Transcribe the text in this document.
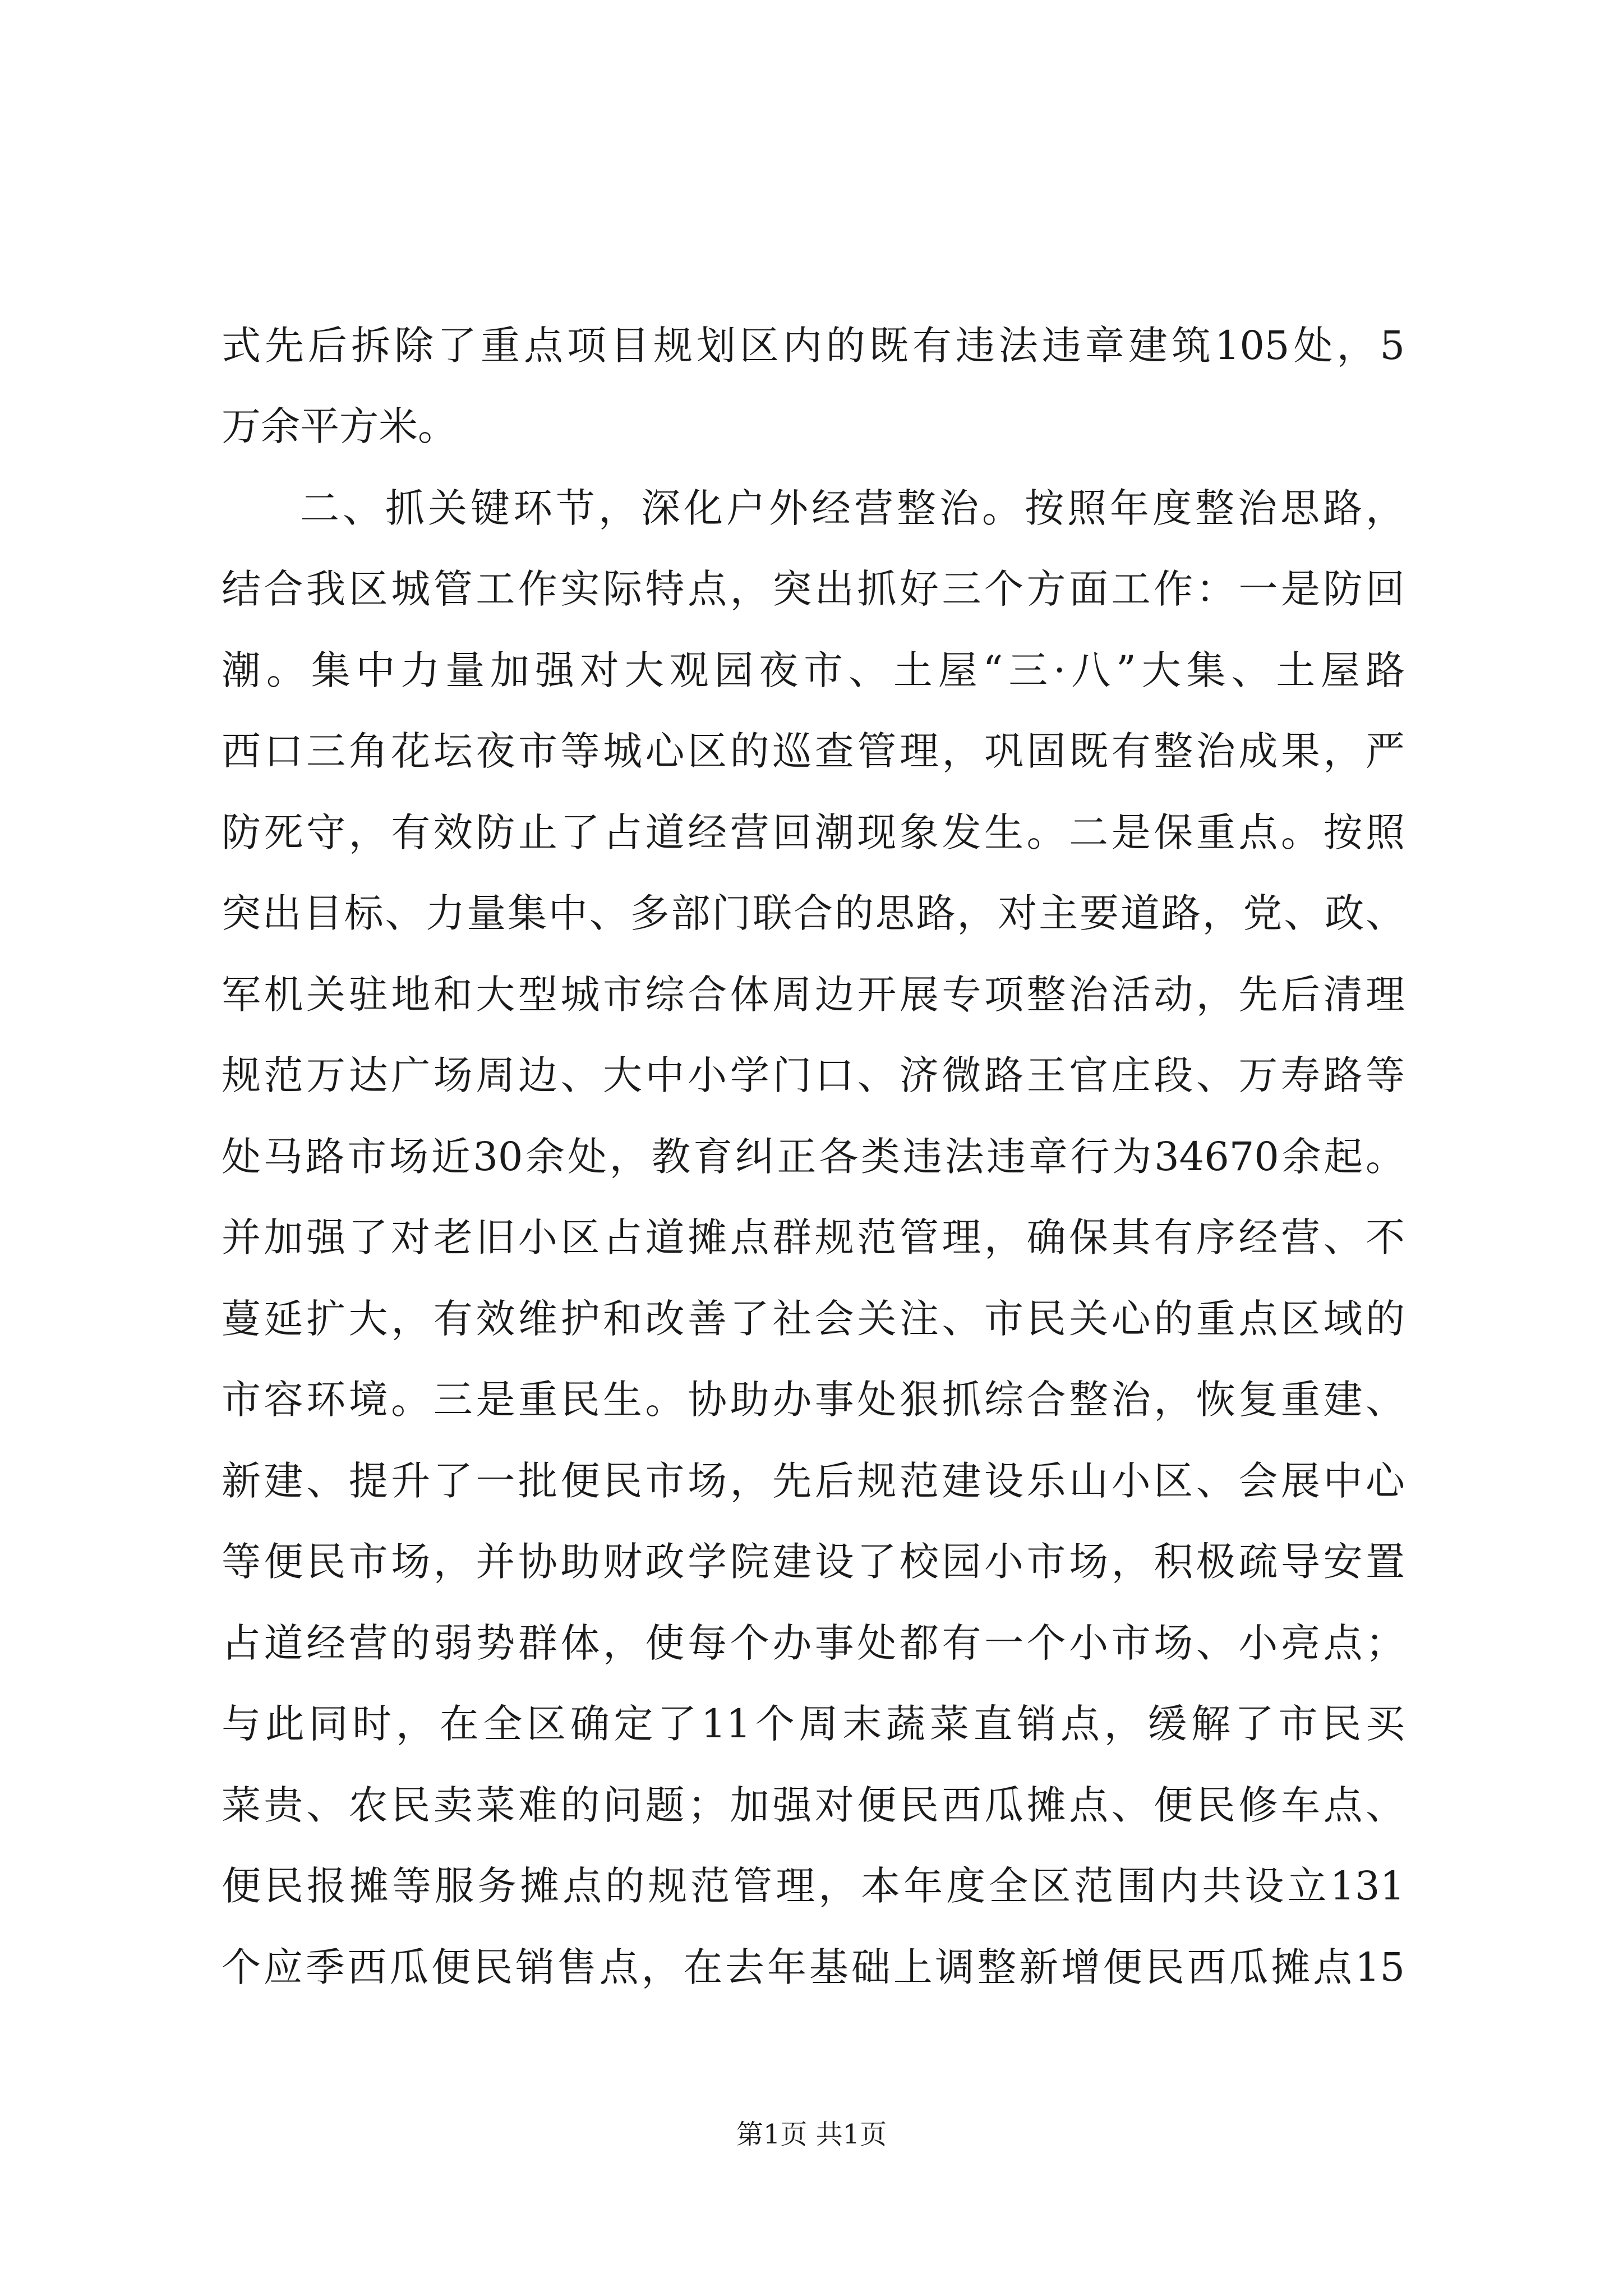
式先后拆除了重点项目规划区内的既有违法违章建筑105处，5
万余平方米。
二、抓关键环节，深化户外经营整治。按照年度整治思路，
结合我区城管工作实际特点，突出抓好三个方面工作：一是防回
潮。集中力量加强对大观园夜市、土屋“三·八”大集、土屋路
西口三角花坛夜市等城心区的巡查管理，巩固既有整治成果，严
防死守，有效防止了占道经营回潮现象发生。二是保重点。按照
突出目标、力量集中、多部门联合的思路，对主要道路，党、政、
军机关驻地和大型城市综合体周边开展专项整治活动，先后清理
规范万达广场周边、大中小学门口、济微路王官庄段、万寿路等
处马路市场近30余处，教育纠正各类违法违章行为34670余起。
并加强了对老旧小区占道摊点群规范管理，确保其有序经营、不
蔓延扩大，有效维护和改善了社会关注、市民关心的重点区域的
市容环境。三是重民生。协助办事处狠抓综合整治，恢复重建、
新建、提升了一批便民市场，先后规范建设乐山小区、会展中心
等便民市场，并协助财政学院建设了校园小市场，积极疏导安置
占道经营的弱势群体，使每个办事处都有一个小市场、小亮点；
与此同时，在全区确定了11个周末蔬菜直销点，缓解了市民买
菜贵、农民卖菜难的问题；加强对便民西瓜摊点、便民修车点、
便民报摊等服务摊点的规范管理，本年度全区范围内共设立131
个应季西瓜便民销售点，在去年基础上调整新增便民西瓜摊点15
第1页 共1页
